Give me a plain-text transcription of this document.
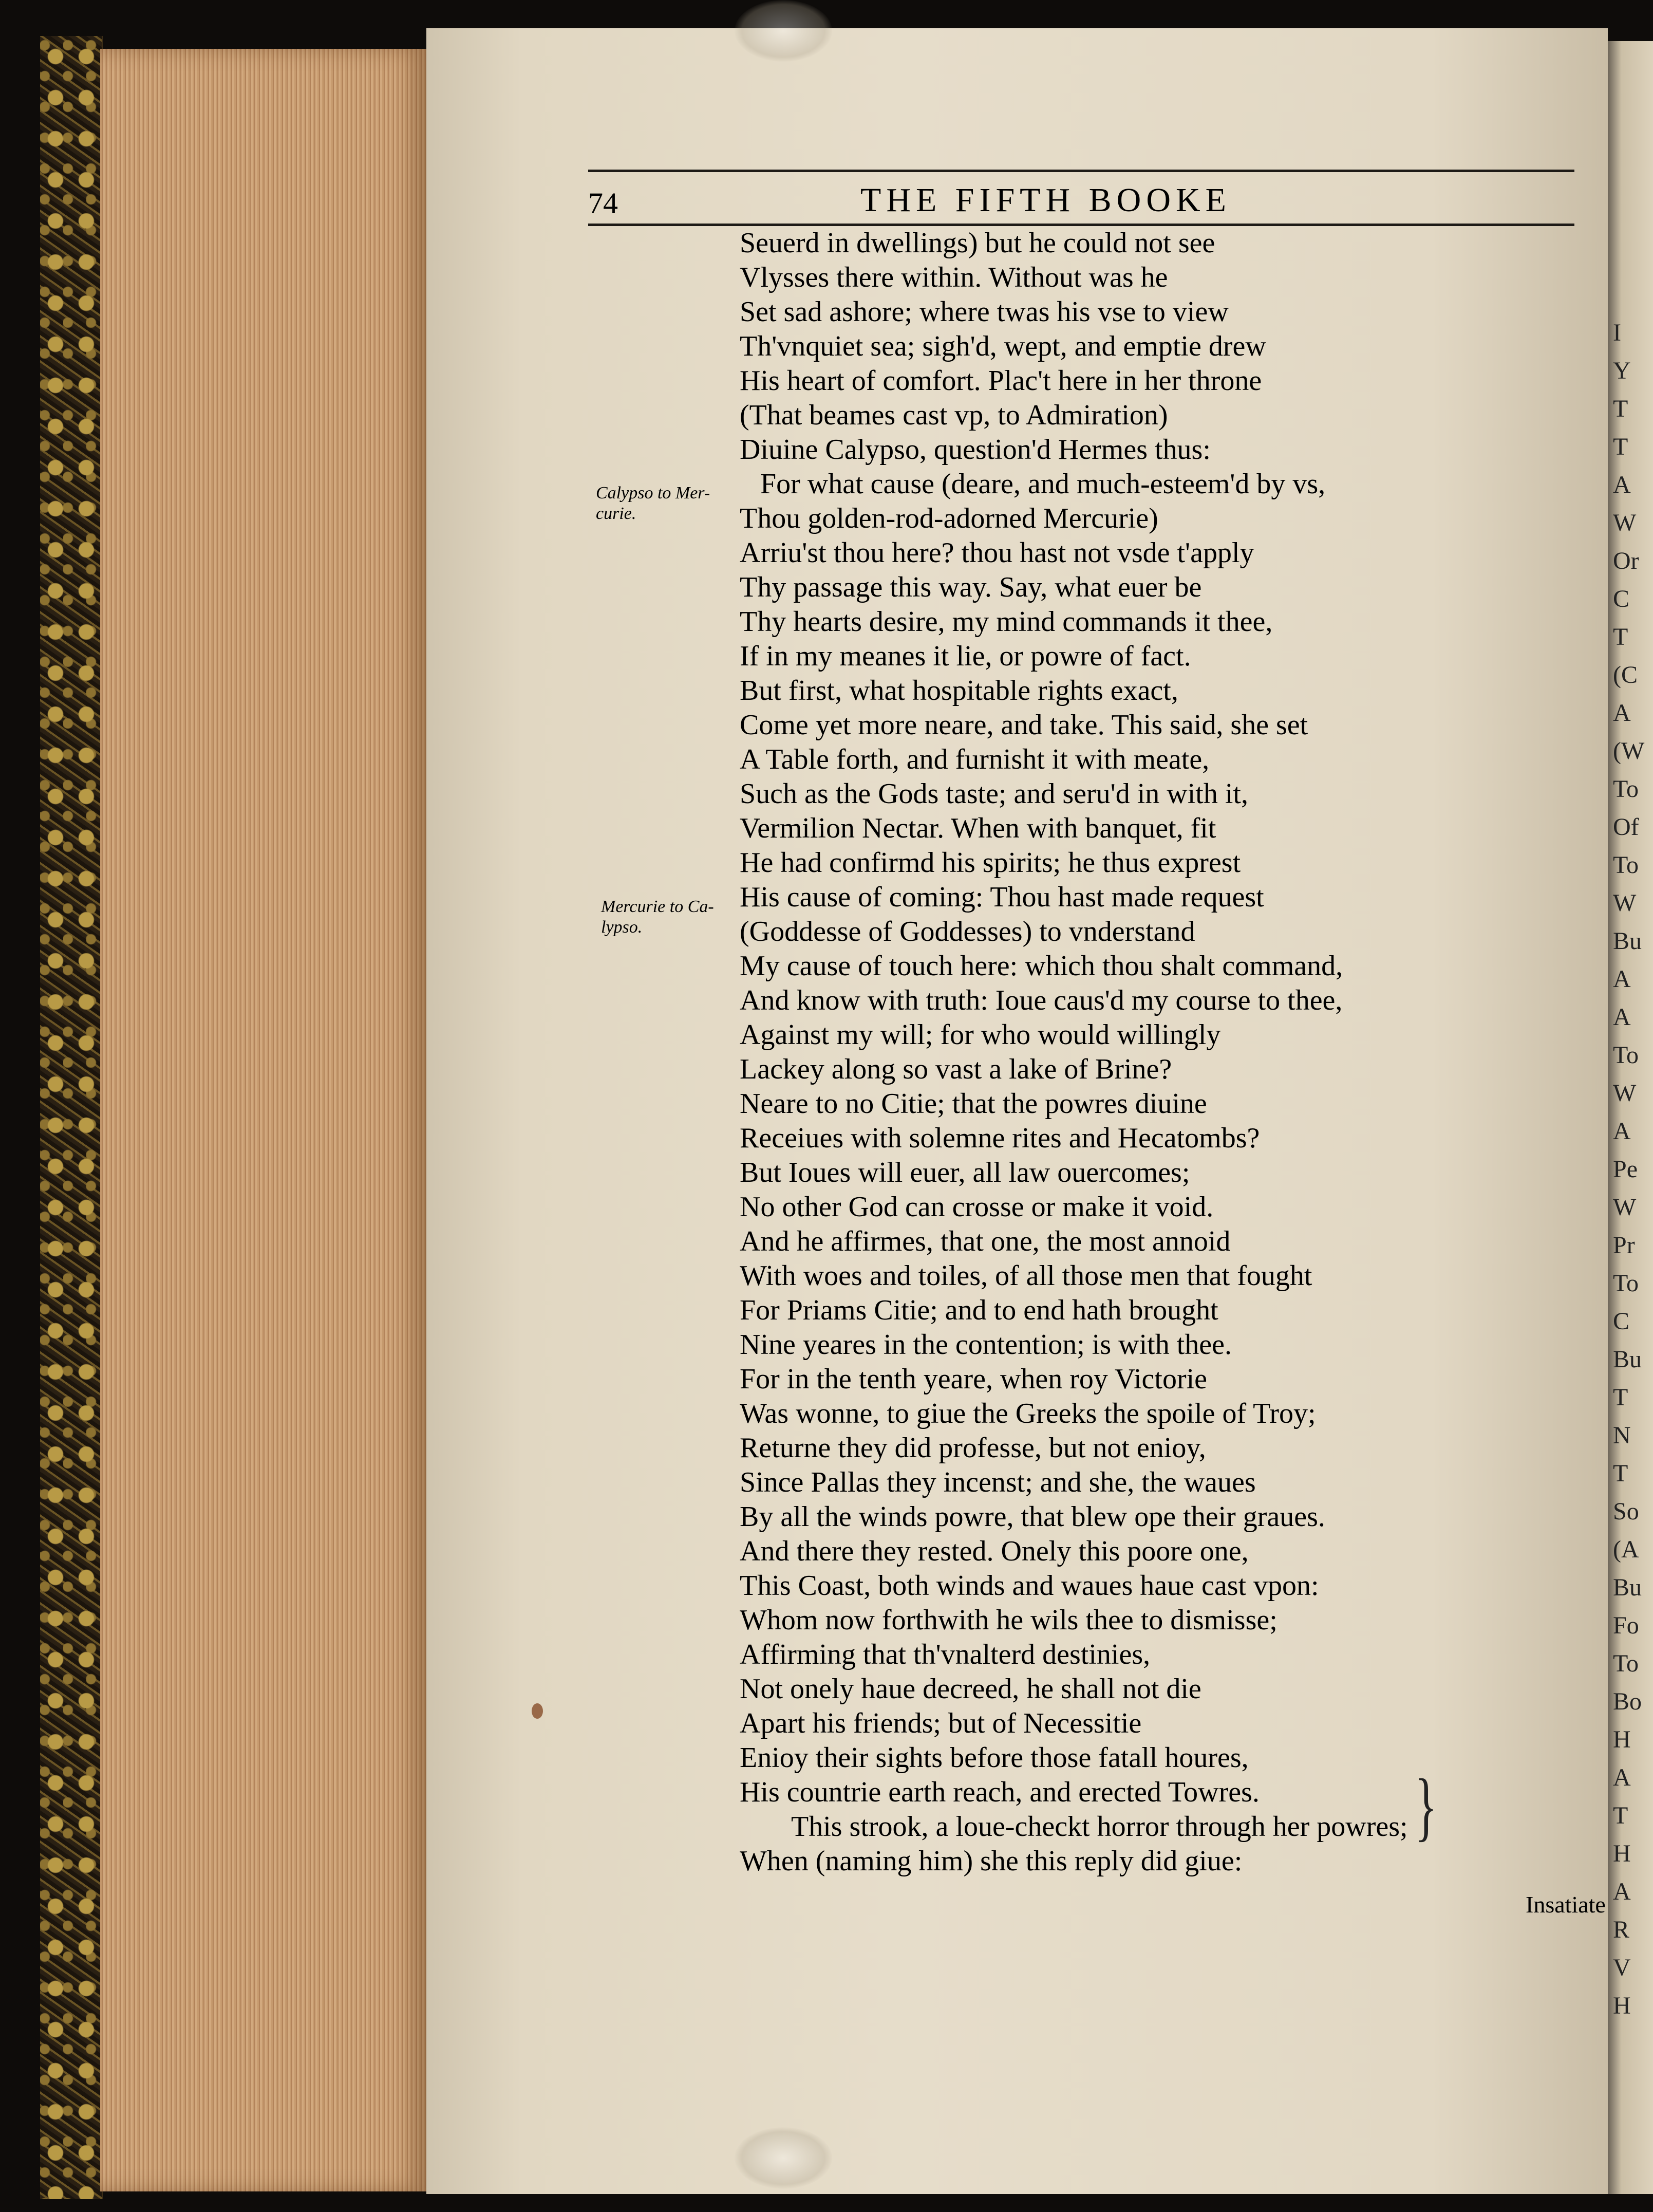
74	THE FIFTH BOOKE
Calypso to Mer-
curie.
Mercurie to Ca-
lypso.
Seuerd in dwellings) but he could not see
Vlysses there within. Without was he
Set sad ashore; where twas his vse to view
Th'vnquiet sea; sigh'd, wept, and emptie drew
His heart of comfort. Plac't here in her throne
(That beames cast vp, to Admiration)
Diuine Calypso, question'd Hermes thus:
For what cause (deare, and much-esteem'd by vs,
Thou golden-rod-adorned Mercurie)
Arriu'st thou here? thou hast not vsde t'apply
Thy passage this way. Say, what euer be
Thy hearts desire, my mind commands it thee,
If in my meanes it lie, or powre of fact.
But first, what hospitable rights exact,
Come yet more neare, and take. This said, she set
A Table forth, and furnisht it with meate,
Such as the Gods taste; and seru'd in with it,
Vermilion Nectar. When with banquet, fit
He had confirmd his spirits; he thus exprest
His cause of coming: Thou hast made request
(Goddesse of Goddesses) to vnderstand
My cause of touch here: which thou shalt command,
And know with truth: Ioue caus'd my course to thee,
Against my will; for who would willingly
Lackey along so vast a lake of Brine?
Neare to no Citie; that the powres diuine
Receiues with solemne rites and Hecatombs?
But Ioues will euer, all law ouercomes;
No other God can crosse or make it void.
And he affirmes, that one, the most annoid
With woes and toiles, of all those men that fought
For Priams Citie; and to end hath brought
Nine yeares in the contention; is with thee.
For in the tenth yeare, when roy Victorie
Was wonne, to giue the Greeks the spoile of Troy;
Returne they did professe, but not enioy,
Since Pallas they incenst; and she, the waues
By all the winds powre, that blew ope their graues.
And there they rested. Onely this poore one,
This Coast, both winds and waues haue cast vpon:
Whom now forthwith he wils thee to dismisse;
Affirming that th'vnalterd destinies,
Not onely haue decreed, he shall not die
Apart his friends; but of Necessitie
Enioy their sights before those fatall houres,
His countrie earth reach, and erected Towres.
This strook, a loue-checkt horror through her powres;
When (naming him) she this reply did giue:
}
Insatiate
I
Y
T
T
A
W
Or
C
T
(C
A
(W
To
Of
To
W
Bu
A
A
To
W
A
Pe
W
Pr
To
C
Bu
T
N
T
So
(A
Bu
Fo
To
Bo
H
A
T
H
A
R
V
H
